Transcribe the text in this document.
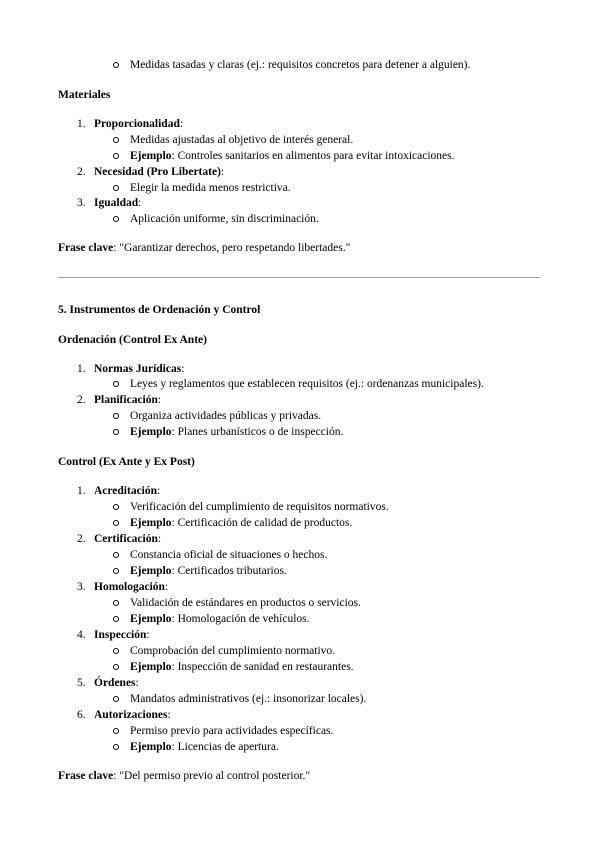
Medidas tasadas y claras (ej.: requisitos concretos para detener a alguien).
Materiales
1. Proporcionalidad:
Medidas ajustadas al objetivo de interés general.
Ejemplo: Controles sanitarios en alimentos para evitar intoxicaciones.
2. Necesidad (Pro Libertate):
Elegir la medida menos restrictiva.
3. Igualdad:
Aplicación uniforme, sin discriminación.
Frase clave: "Garantizar derechos, pero respetando libertades."
5. Instrumentos de Ordenación y Control
Ordenación (Control Ex Ante)
1. Normas Jurídicas:
Leyes y reglamentos que establecen requisitos (ej.: ordenanzas municipales).
2. Planificación:
Organiza actividades públicas y privadas.
Ejemplo: Planes urbanísticos o de inspección.
Control (Ex Ante y Ex Post)
1. Acreditación:
Verificación del cumplimiento de requisitos normativos.
Ejemplo: Certificación de calidad de productos.
2. Certificación:
Constancia oficial de situaciones o hechos.
Ejemplo: Certificados tributarios.
3. Homologación:
Validación de estándares en productos o servicios.
Ejemplo: Homologación de vehículos.
4. Inspección:
Comprobación del cumplimiento normativo.
Ejemplo: Inspección de sanidad en restaurantes.
5. Órdenes:
Mandatos administrativos (ej.: insonorizar locales).
6. Autorizaciones:
Permiso previo para actividades específicas.
Ejemplo: Licencias de apertura.
Frase clave: "Del permiso previo al control posterior."
